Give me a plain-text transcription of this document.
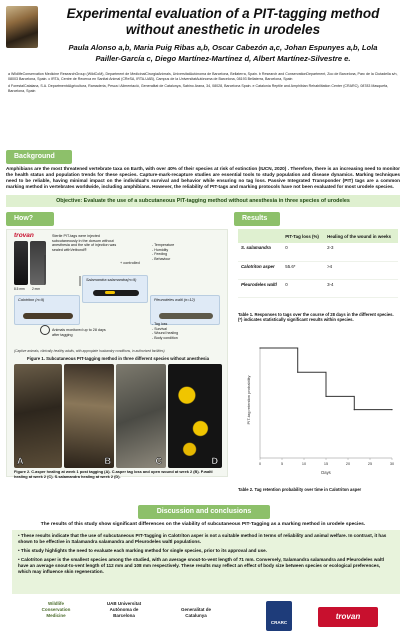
Experimental evaluation of a PIT-tagging method
without anesthetic in urodeles
Paula Alonso a,b, Maria Puig Ribas a,b, Oscar Cabezón a,c, Johan Espunyes a,b, Lola
Pailler-García c, Diego Martínez-Martínez d, Albert Martínez-Silvestre e.
a WildlifeConservation Medicine ResearchGroup (WildCoM), Department de MedicinaiCirurgiaAnimals, UniversitatAutònoma de Barcelona, Bellaterra, Spain. b Research and ConservationDepartment, Zoo de Barcelona, Parc de la Ciutadella s/n, 08003 Barcelona, Spain. c IRTA, Centre de Recerca en Sanitat Animal (CReSA, IRTA-UAB), Campus de la UniversitatAutònoma de Barcelona, 08193 Bellaterra, Barcelona, Spain
d ForestalCatalana, S.A. DepartmentdAgricultura, Ramaderia, Pesca i Alimentació, Generalitat de Catalunya, Sabino Arana, 34, 08028, Barcelona Spain. e Catalonia Reptile and Amphibian Rehabilitation Center (CRARC), 08783 Masquefa, Barcelona, Spain
Background
Amphibians are the most threatened vertebrate taxa on Earth, with over 40% of their species at risk of extinction (IUCN, 2020) . Therefore, there is an increasing need to monitor the health status and population trends for these species. Capture-mark-recapture studies are essential tools to study population and disease dynamics. Marking techniques need to be reliable, having minimal impact on the individual's survival and behavior while ensuring no tag loss. Passive Integrated Transponder (PIT) tags are a common marking method in vertebrates worldwide, including amphibians. However, the reliability of PIT-tags and marking protocols have not been evaluated for most urodele species.
Objective: Evaluate the use of a subcutaneous PIT-tagging method without anesthesia in three species of urodeles
How?	Results
trovan
8.5 mm 2 mm
Sterile PIT-tags were injected subcutaneously in the dorsum without anesthesia and the site of injection was sealed withVetbond®
+ controlled
- Temperature
- Humidity
- Feeding
- Behaviour
Salamandra salamandra(n=9)
Calotriton (n=9)	Pleurodeles waltl (n=12)
Animals monitored up to 28 days after tagging
- Tag loss
- Survival
- Wound healing
- Body condition
(Captive animals, clinically healthy adults, with appropiate husbandry conditions, in authorised facilities)
Figure 1. Subcutaneous PIT-tagging method in three different species without anesthesia
A	B	C	D
Figure 2. C.asper healing at week 1 post tagging (A). C.asper tag loss and open wound at week 2 (B). P.waltl healing at week 2 (C). S.salamandra healing at week 2 (D).
	PIT-Tag loss (%)	Healing of the wound in weeks
S. salamandra	0	2-3
Calotriton asper	55.6*	>4
Pleurodeles waltl	0	3-4
Table 1. Responses to tags over the course of 28 days in the different species. (*) indicates statistically significant results within species.
0	5	10	15	20	25	30
PIT-tag retention probability
Days
Table 2. Tag retention probability over time in Calotriton asper
Discussion and conclusions
The results of this study show significant differences on the viability of subcutaneous PIT-Tagging as a marking method in urodele species.

• These results indicate that the use of subcutaneous PIT-Tagging in Calotriton asper is not a suitable method in terms of reliability and animal welfare. In contrast, it has shown to be effective in Salamandra salamandra and Pleurodeles waltl populations.

• This study highlights the need to evaluate each marking method for single species, prior to its approval and use.

• Calotriton asper is the smallest species among the studied, with an average snout-to-vent length of 71 mm. Conversely, Salamandra salamandra and Pleurodeles waltl have an average snout-to-vent length of 112 mm and 108 mm respectively. These results may reflect an effect of body size between species or ecological preferences, which may influence skin regeneration.

Wildlife Conservation Medicine
UAB Universitat Autònoma de Barcelona
Generalitat de Catalunya
CRARC
trovan
